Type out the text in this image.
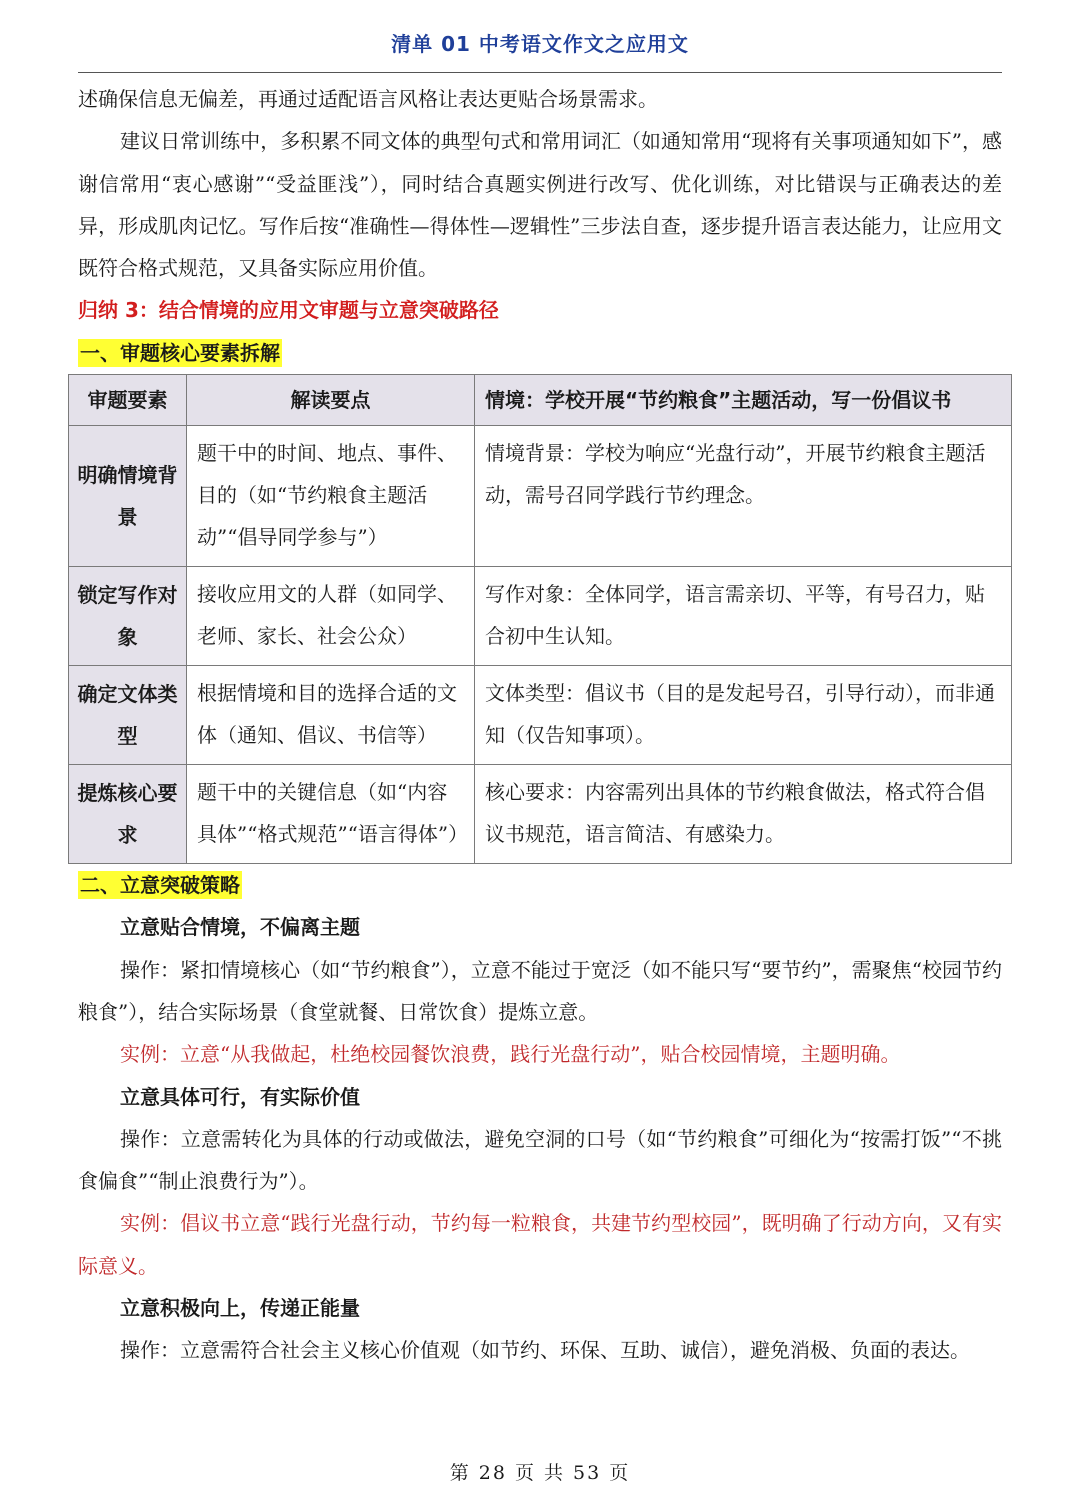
清单 01 中考语文作文之应用文

述确保信息无偏差，再通过适配语言风格让表达更贴合场景需求。

建议日常训练中，多积累不同文体的典型句式和常用词汇（如通知常用“现将有关事项通知如下”，感谢信常用“衷心感谢”“受益匪浅”），同时结合真题实例进行改写、优化训练，对比错误与正确表达的差异，形成肌肉记忆。写作后按“准确性—得体性—逻辑性”三步法自查，逐步提升语言表达能力，让应用文既符合格式规范，又具备实际应用价值。

归纳 3：结合情境的应用文审题与立意突破路径

一、审题核心要素拆解

审题要素	解读要点	情境：学校开展“节约粮食”主题活动，写一份倡议书
明确情境背景	题干中的时间、地点、事件、目的（如“节约粮食主题活动”“倡导同学参与”）	情境背景：学校为响应“光盘行动”，开展节约粮食主题活动，需号召同学践行节约理念。
锁定写作对象	接收应用文的人群（如同学、老师、家长、社会公众）	写作对象：全体同学，语言需亲切、平等，有号召力，贴合初中生认知。
确定文体类型	根据情境和目的选择合适的文体（通知、倡议、书信等）	文体类型：倡议书（目的是发起号召，引导行动），而非通知（仅告知事项）。
提炼核心要求	题干中的关键信息（如“内容具体”“格式规范”“语言得体”）	核心要求：内容需列出具体的节约粮食做法，格式符合倡议书规范，语言简洁、有感染力。

二、立意突破策略

立意贴合情境，不偏离主题

操作：紧扣情境核心（如“节约粮食”），立意不能过于宽泛（如不能只写“要节约”，需聚焦“校园节约粮食”），结合实际场景（食堂就餐、日常饮食）提炼立意。

实例：立意“从我做起，杜绝校园餐饮浪费，践行光盘行动”，贴合校园情境，主题明确。

立意具体可行，有实际价值

操作：立意需转化为具体的行动或做法，避免空洞的口号（如“节约粮食”可细化为“按需打饭”“不挑食偏食”“制止浪费行为”）。

实例：倡议书立意“践行光盘行动，节约每一粒粮食，共建节约型校园”，既明确了行动方向，又有实际意义。

立意积极向上，传递正能量

操作：立意需符合社会主义核心价值观（如节约、环保、互助、诚信），避免消极、负面的表达。

第 28 页 共 53 页
